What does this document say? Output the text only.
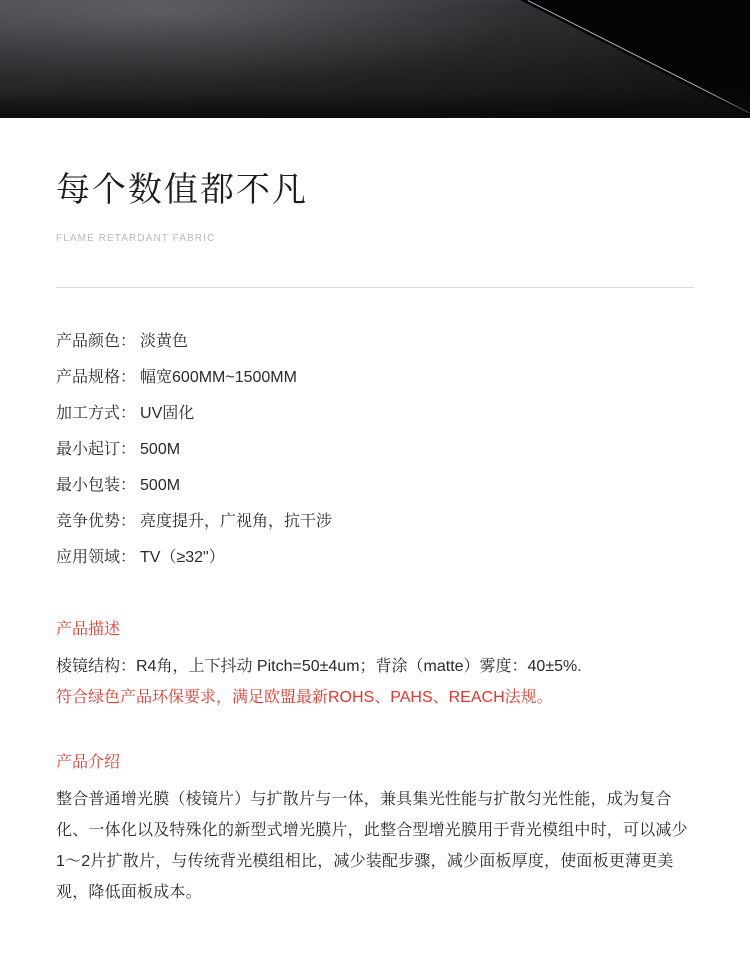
每个数值都不凡
FLAME RETARDANT FABRIC
产品颜色： 淡黄色
产品规格： 幅宽600MM~1500MM
加工方式： UV固化
最小起订： 500M
最小包装： 500M
竞争优势： 亮度提升，广视角，抗干涉
应用领域： TV（≥32"）
产品描述

棱镜结构：R4角，上下抖动 Pitch=50±4um；背涂（matte）雾度：40±5%.

符合绿色产品环保要求，满足欧盟最新ROHS、PAHS、REACH法规。

产品介绍

整合普通增光膜（棱镜片）与扩散片与一体，兼具集光性能与扩散匀光性能，成为复合化、一体化以及特殊化的新型式增光膜片，此整合型增光膜用于背光模组中时，可以减少1～2片扩散片，与传统背光模组相比，减少装配步骤，减少面板厚度，使面板更薄更美观，降低面板成本。
